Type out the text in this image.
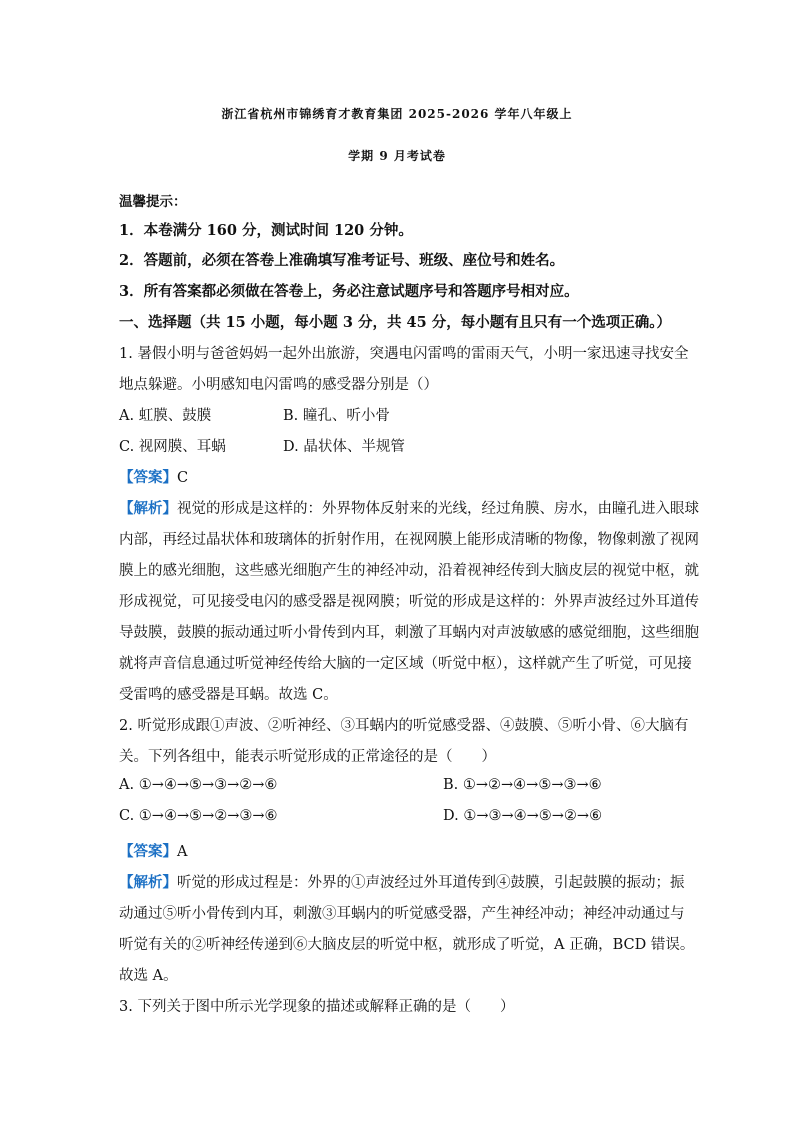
浙江省杭州市锦绣育才教育集团 2025-2026 学年八年级上
学期 9 月考试卷
温馨提示：
1．本卷满分 160 分，测试时间 120 分钟。
2．答题前，必须在答卷上准确填写准考证号、班级、座位号和姓名。
3．所有答案都必须做在答卷上，务必注意试题序号和答题序号相对应。
一、选择题（共 15 小题，每小题 3 分，共 45 分，每小题有且只有一个选项正确。）
1. 暑假小明与爸爸妈妈一起外出旅游，突遇电闪雷鸣的雷雨天气，小明一家迅速寻找安全
地点躲避。小明感知电闪雷鸣的感受器分别是（）
A. 虹膜、鼓膜	B. 瞳孔、听小骨
C. 视网膜、耳蜗	D. 晶状体、半规管
【答案】C
【解析】视觉的形成是这样的：外界物体反射来的光线，经过角膜、房水，由瞳孔进入眼球
内部，再经过晶状体和玻璃体的折射作用，在视网膜上能形成清晰的物像，物像刺激了视网
膜上的感光细胞，这些感光细胞产生的神经冲动，沿着视神经传到大脑皮层的视觉中枢，就
形成视觉，可见接受电闪的感受器是视网膜；听觉的形成是这样的：外界声波经过外耳道传
导鼓膜，鼓膜的振动通过听小骨传到内耳，刺激了耳蜗内对声波敏感的感觉细胞，这些细胞
就将声音信息通过听觉神经传给大脑的一定区域（听觉中枢），这样就产生了听觉，可见接
受雷鸣的感受器是耳蜗。故选 C。
2. 听觉形成跟①声波、②听神经、③耳蜗内的听觉感受器、④鼓膜、⑤听小骨、⑥大脑有
关。下列各组中，能表示听觉形成的正常途径的是（　　）
A. ①→④→⑤→③→②→⑥	B. ①→②→④→⑤→③→⑥
C. ①→④→⑤→②→③→⑥	D. ①→③→④→⑤→②→⑥
【答案】A
【解析】听觉的形成过程是：外界的①声波经过外耳道传到④鼓膜，引起鼓膜的振动；振
动通过⑤听小骨传到内耳，刺激③耳蜗内的听觉感受器，产生神经冲动；神经冲动通过与
听觉有关的②听神经传递到⑥大脑皮层的听觉中枢，就形成了听觉，A 正确，BCD 错误。
故选 A。
3. 下列关于图中所示光学现象的描述或解释正确的是（　　）
